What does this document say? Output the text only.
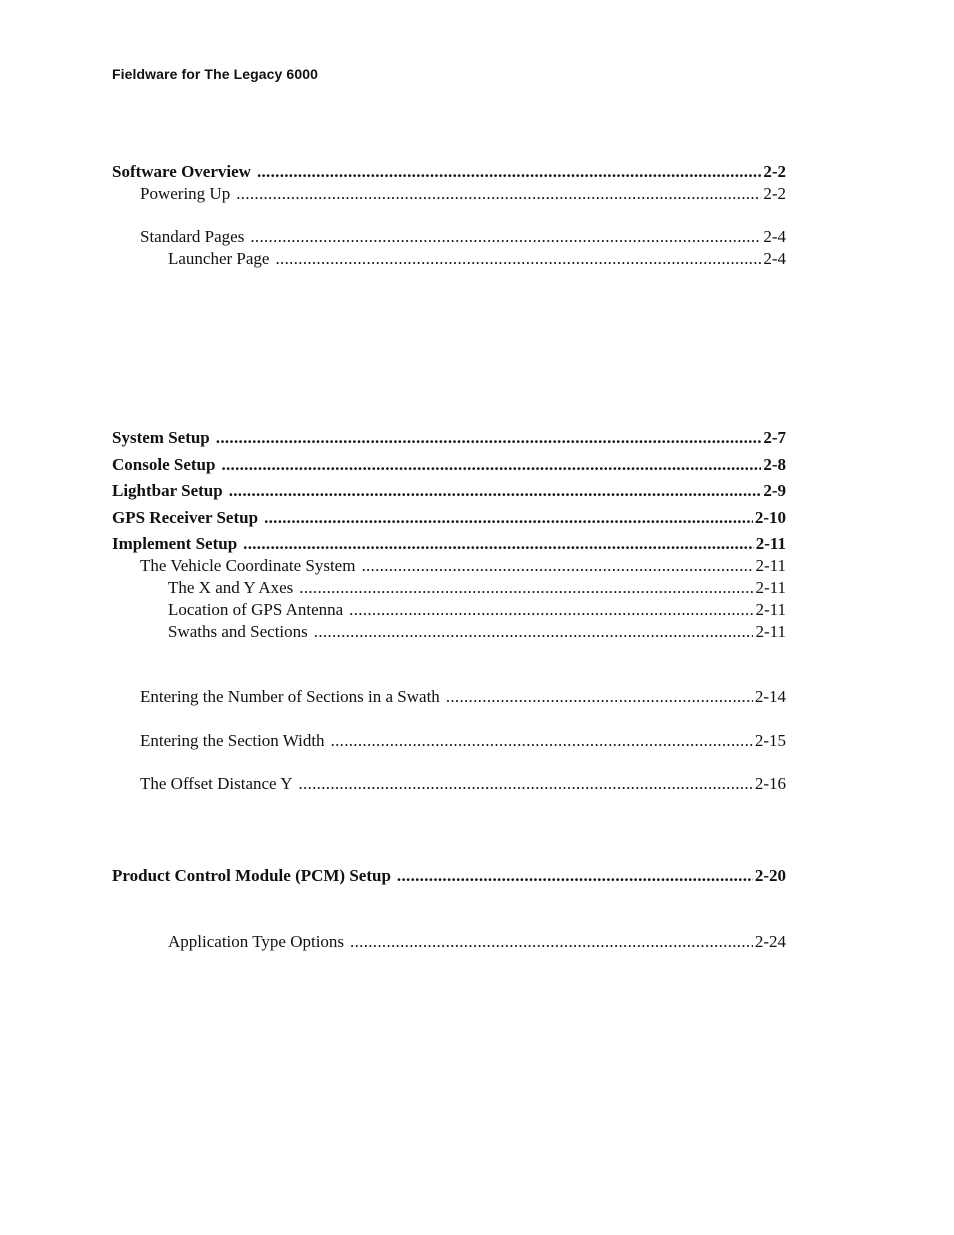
Fieldware for The Legacy 6000
Software Overview .....	2-2
Powering Up .....	2-2
Standard Pages .....	2-4
Launcher Page .....	2-4
System Setup .....	2-7
Console Setup .....	2-8
Lightbar Setup .....	2-9
GPS Receiver Setup .....	2-10
Implement Setup .....	2-11
The Vehicle Coordinate System .....	2-11
The X and Y Axes .....	2-11
Location of GPS Antenna .....	2-11
Swaths and Sections .....	2-11
Entering the Number of Sections in a Swath .....	2-14
Entering the Section Width .....	2-15
The Offset Distance Y .....	2-16
Product Control Module (PCM) Setup .....	2-20
Application Type Options .....	2-24
